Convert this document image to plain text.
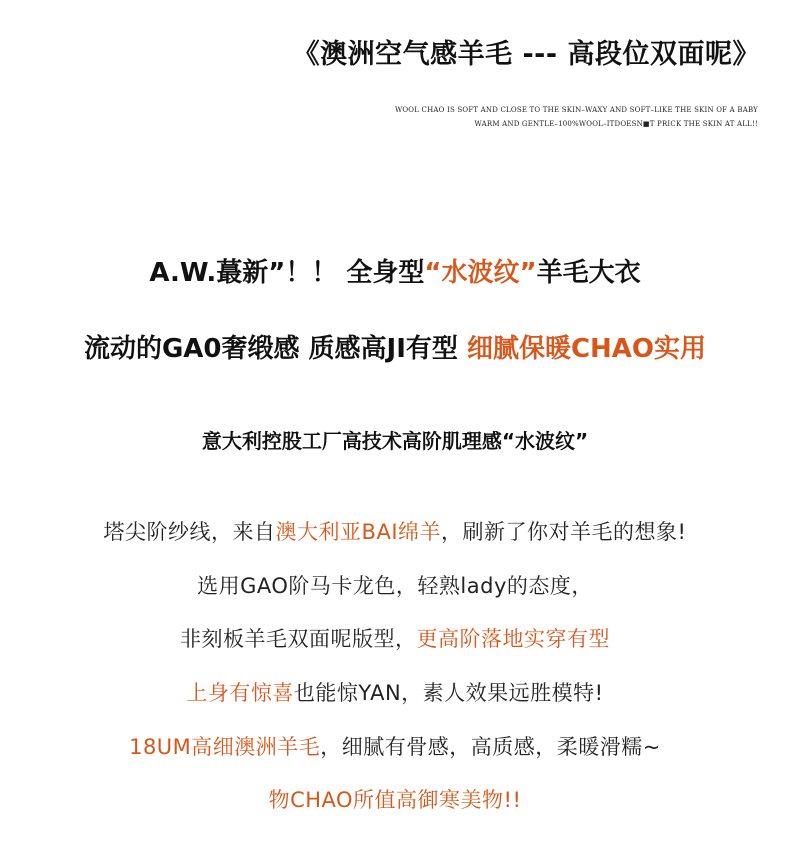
《澳洲空气感羊毛 --- 高段位双面呢》
WOOL CHAO IS SOFT AND CLOSE TO THE SKIN–WAXY AND SOFT–LIKE THE SKIN OF A BABY
WARM AND GENTLE–100%WOOL–ITDOESN■T PRICK THE SKIN AT ALL!!
A.W.蕞新”！！ 全身型“水波纹”羊毛大衣
流动的GA0奢缎感 质感高JI有型 细腻保暖CHAO实用
意大利控股工厂高技术高阶肌理感“水波纹”
塔尖阶纱线，来自澳大利亚BAI绵羊，刷新了你对羊毛的想象!
选用GAO阶马卡龙色，轻熟lady的态度，
非刻板羊毛双面呢版型，更高阶落地实穿有型
上身有惊喜也能惊YAN，素人效果远胜模特!
18UM高细澳洲羊毛，细腻有骨感，高质感，柔暖滑糯~
物CHAO所值高御寒美物!!
